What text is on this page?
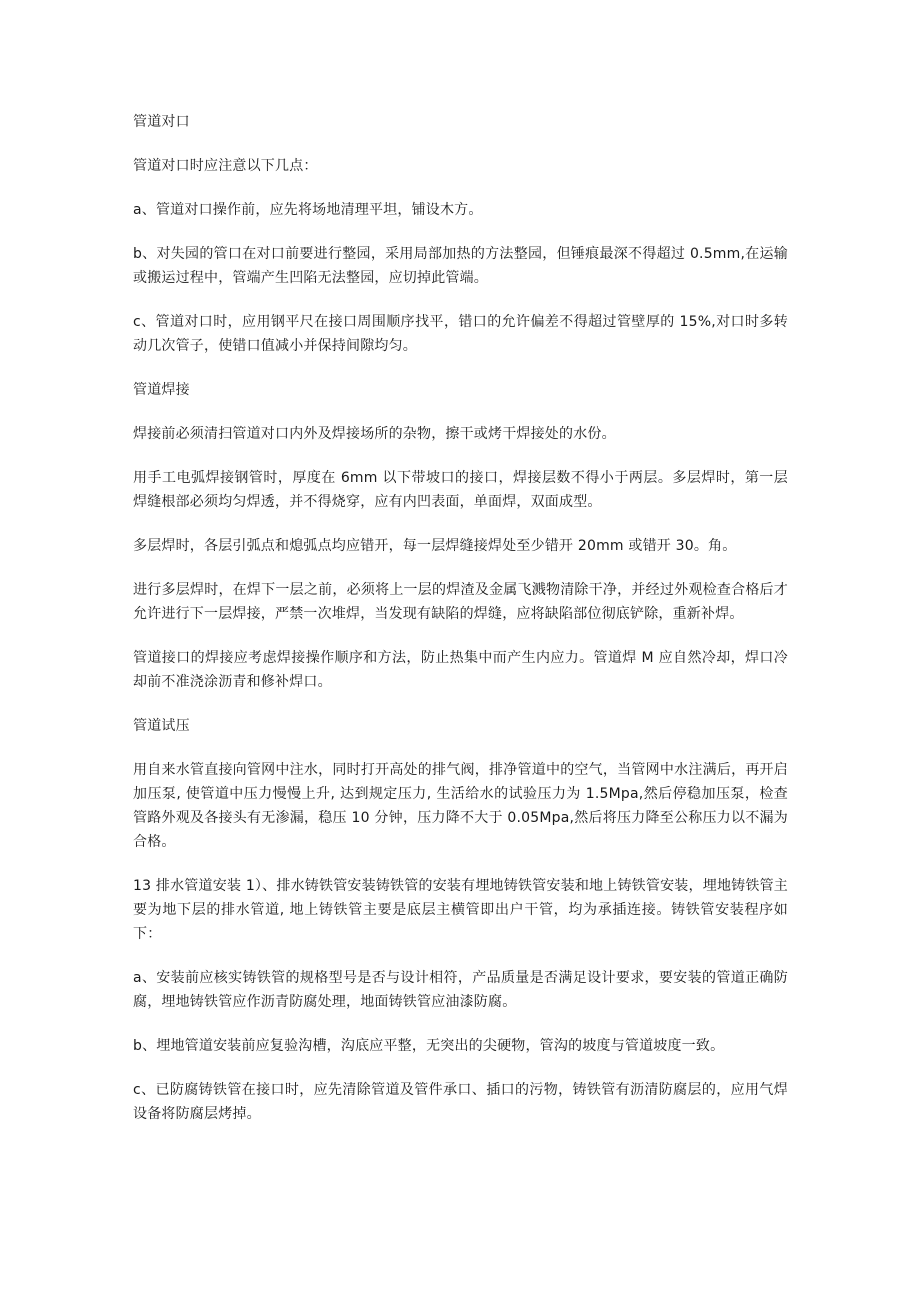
管道对口

管道对口时应注意以下几点：

a、管道对口操作前，应先将场地清理平坦，铺设木方。

b、对失园的管口在对口前要进行整园，采用局部加热的方法整园，但锤痕最深不得超过 0.5mm,在运输或搬运过程中，管端产生凹陷无法整园，应切掉此管端。

c、管道对口时，应用钢平尺在接口周围顺序找平，错口的允许偏差不得超过管壁厚的 15%,对口时多转动几次管子，使错口值减小并保持间隙均匀。

管道焊接

焊接前必须清扫管道对口内外及焊接场所的杂物，擦干或烤干焊接处的水份。

用手工电弧焊接钢管时，厚度在 6mm 以下带坡口的接口，焊接层数不得小于两层。多层焊时，第一层焊缝根部必须均匀焊透，并不得烧穿，应有内凹表面，单面焊，双面成型。

多层焊时，各层引弧点和熄弧点均应错开，每一层焊缝接焊处至少错开 20mm 或错开 30。角。

进行多层焊时，在焊下一层之前，必须将上一层的焊渣及金属飞溅物清除干净，并经过外观检查合格后才允许进行下一层焊接，严禁一次堆焊，当发现有缺陷的焊缝，应将缺陷部位彻底铲除，重新补焊。

管道接口的焊接应考虑焊接操作顺序和方法，防止热集中而产生内应力。管道焊 M 应自然冷却，焊口冷却前不准浇涂沥青和修补焊口。

管道试压

用自来水管直接向管网中注水，同时打开高处的排气阀，排净管道中的空气，当管网中水注满后，再开启加压泵, 使管道中压力慢慢上升, 达到规定压力, 生活给水的试验压力为 1.5Mpa,然后停稳加压泵，检查管路外观及各接头有无渗漏，稳压 10 分钟，压力降不大于 0.05Mpa,然后将压力降至公称压力以不漏为合格。

13 排水管道安装 1）、排水铸铁管安装铸铁管的安装有埋地铸铁管安装和地上铸铁管安装，埋地铸铁管主要为地下层的排水管道, 地上铸铁管主要是底层主横管即出户干管，均为承插连接。铸铁管安装程序如下：

a、安装前应核实铸铁管的规格型号是否与设计相符，产品质量是否满足设计要求，要安装的管道正确防腐，埋地铸铁管应作沥青防腐处理，地面铸铁管应油漆防腐。

b、埋地管道安装前应复验沟槽，沟底应平整，无突出的尖硬物，管沟的坡度与管道坡度一致。

c、已防腐铸铁管在接口时，应先清除管道及管件承口、插口的污物，铸铁管有沥清防腐层的，应用气焊设备将防腐层烤掉。
